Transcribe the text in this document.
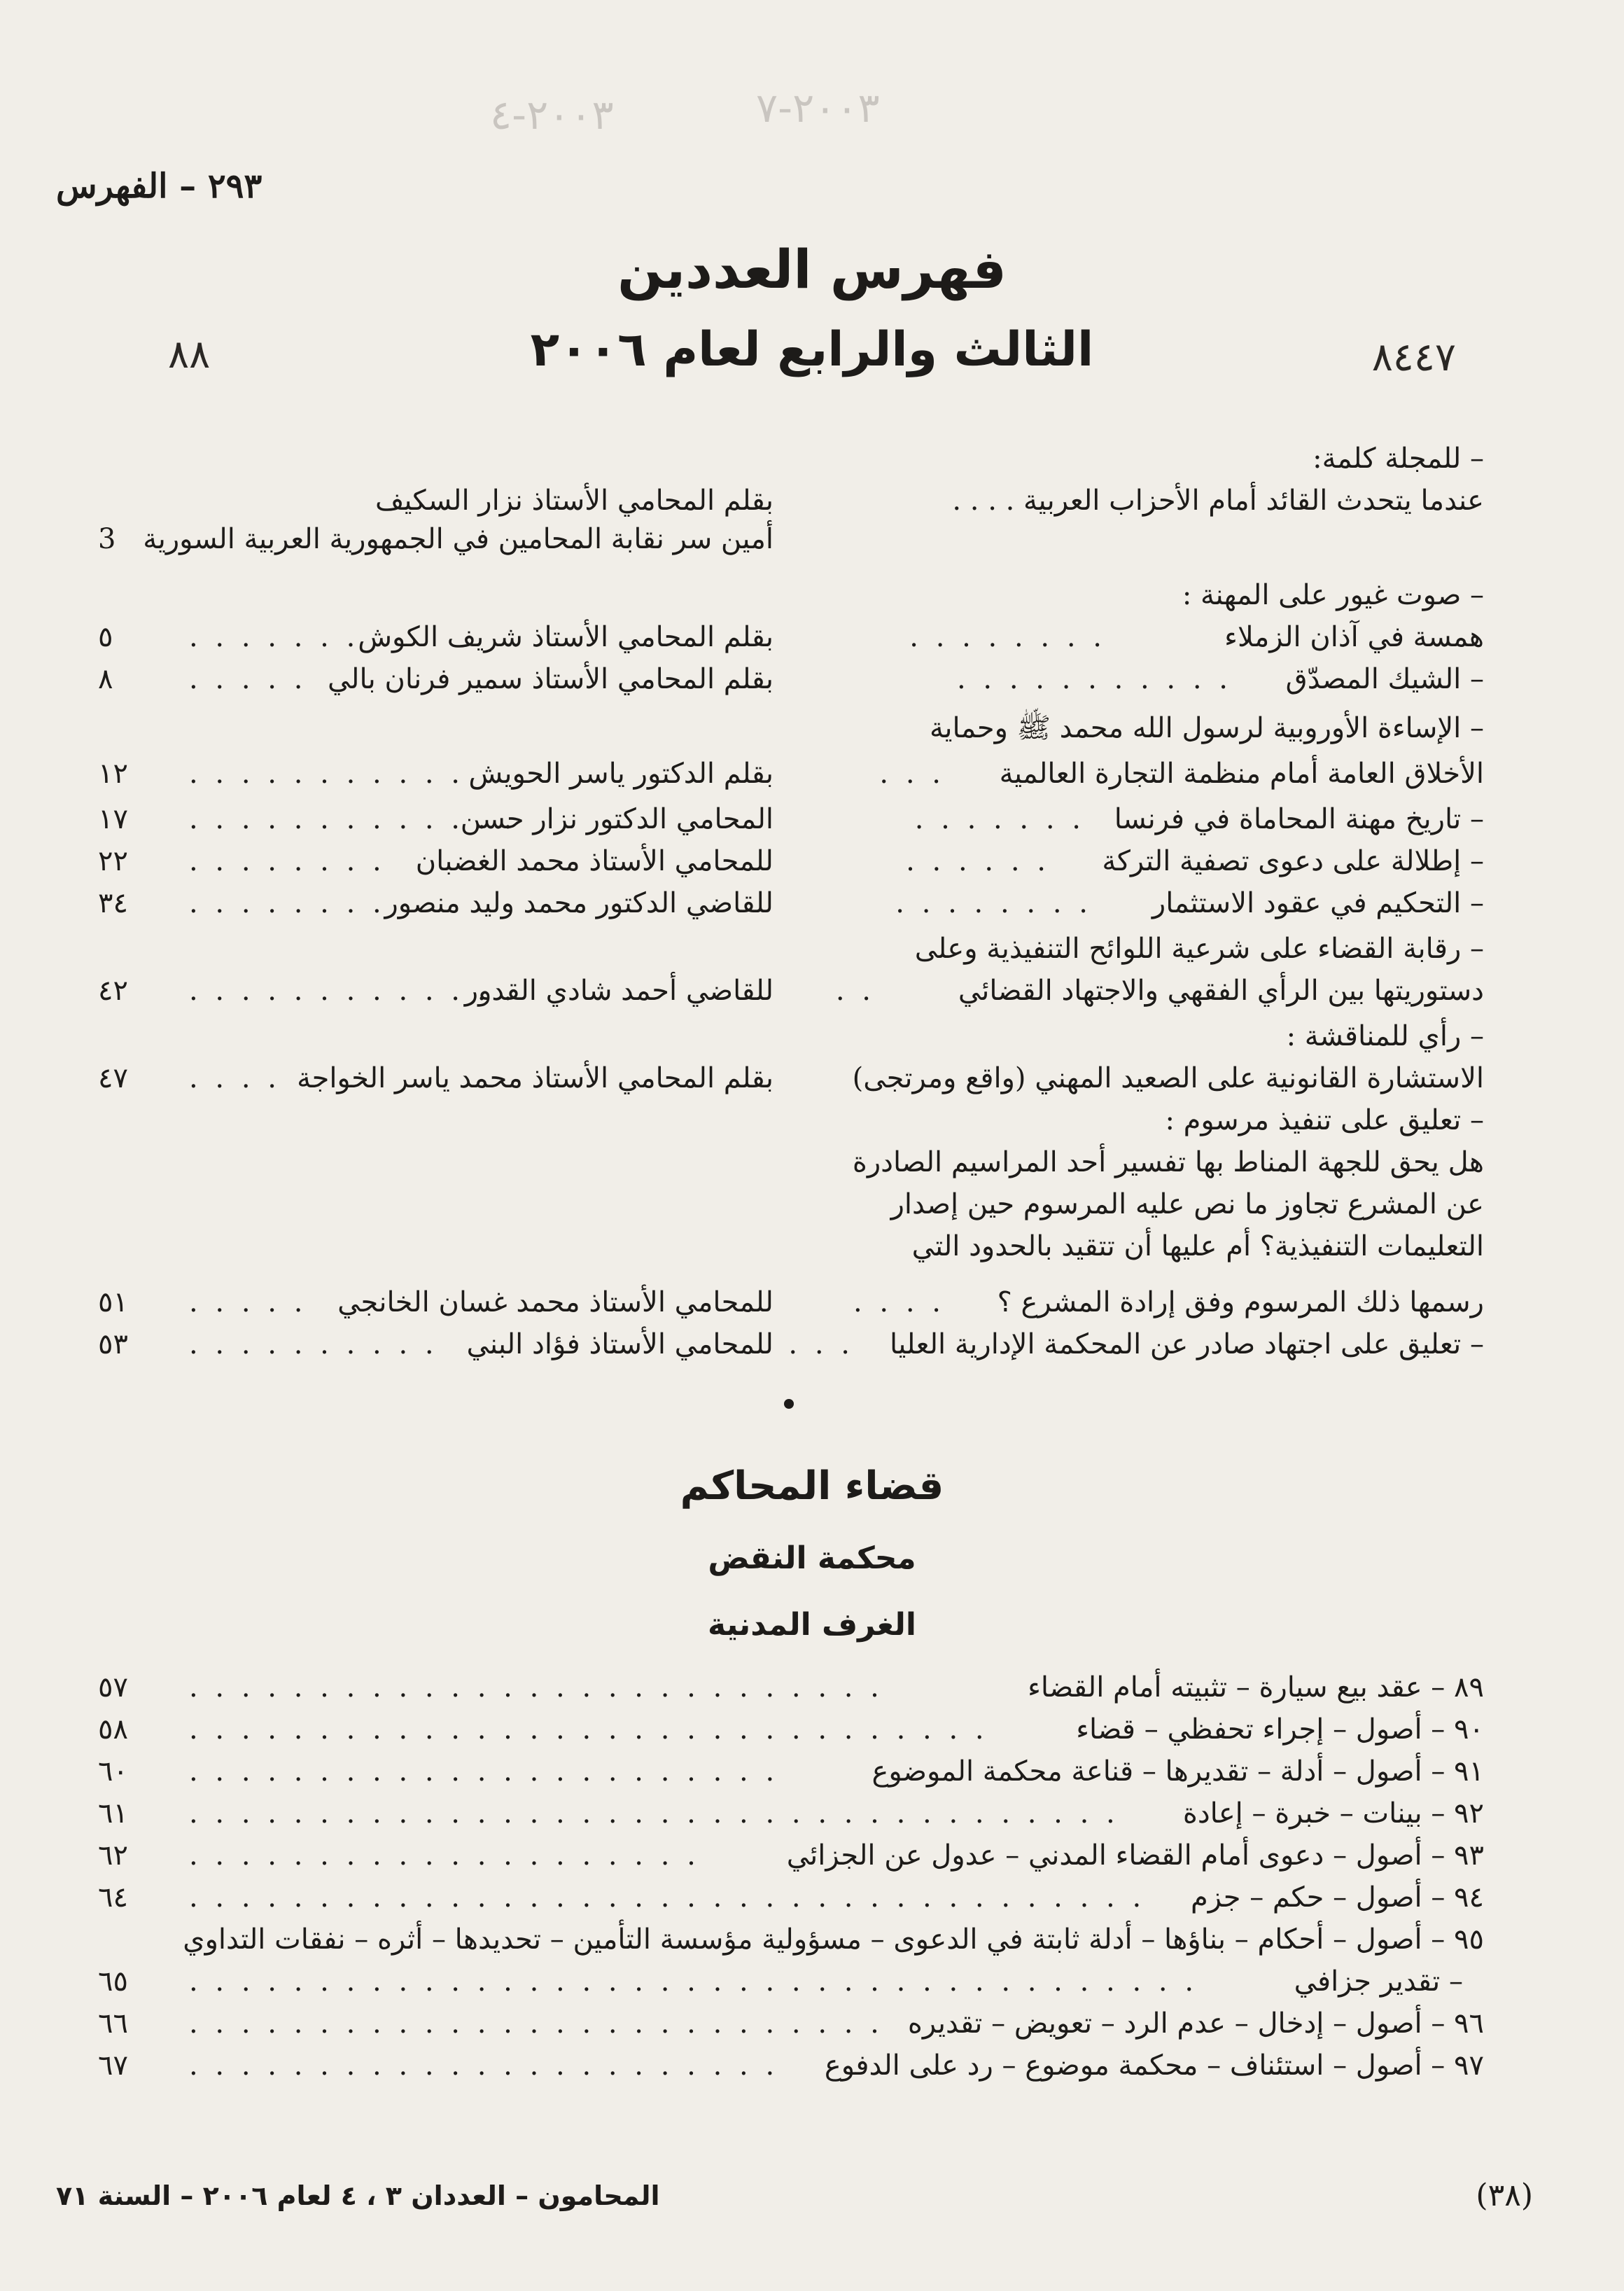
٢٠٠٣-٤	٢٠٠٣-٧
٢٩٣ – الفهرس
فهرس العددين
الثالث والرابع لعام ٢٠٠٦	٨٤٤٧
٨٨
– للمجلة كلمة:
عندما يتحدث القائد أمام الأحزاب العربية . . . .
بقلم المحامي الأستاذ نزار السكيف
أمين سر نقابة المحامين في الجمهورية العربية السورية
3
– صوت غيور على المهنة :
همسة في آذان الزملاء
. . . . . . . .
بقلم المحامي الأستاذ شريف الكوش
. . . . . . .
٥
– الشيك المصدّق
. . . . . . . . . . .
بقلم المحامي الأستاذ سمير فرنان بالي
. . . . .
٨
– الإساءة الأوروبية لرسول الله محمد ﷺ وحماية
الأخلاق العامة أمام منظمة التجارة العالمية
. . .
بقلم الدكتور ياسر الحويش
. . . . . . . . . . .
١٢
– تاريخ مهنة المحاماة في فرنسا
. . . . . . .
المحامي الدكتور نزار حسن
. . . . . . . . . . . . .
١٧
– إطلالة على دعوى تصفية التركة
. . . . . .
للمحامي الأستاذ محمد الغضبان
. . . . . . . .
٢٢
– التحكيم في عقود الاستثمار
. . . . . . . .
للقاضي الدكتور محمد وليد منصور
. . . . . . . .
٣٤
– رقابة القضاء على شرعية اللوائح التنفيذية وعلى
دستوريتها بين الرأي الفقهي والاجتهاد القضائي
. .
للقاضي أحمد شادي القدور
. . . . . . . . . . . . .
٤٢
– رأي للمناقشة :
الاستشارة القانونية على الصعيد المهني (واقع ومرتجى)
بقلم المحامي الأستاذ محمد ياسر الخواجة
. . . .
٤٧
– تعليق على تنفيذ مرسوم :
هل يحق للجهة المناط بها تفسير أحد المراسيم الصادرة
عن المشرع تجاوز ما نص عليه المرسوم حين إصدار
التعليمات التنفيذية؟ أم عليها أن تتقيد بالحدود التي
رسمها ذلك المرسوم وفق إرادة المشرع ؟
. . . .
للمحامي الأستاذ محمد غسان الخانجي
. . . . .
٥١
– تعليق على اجتهاد صادر عن المحكمة الإدارية العليا
. . .
للمحامي الأستاذ فؤاد البني
. . . . . . . . . .
٥٣
قضاء المحاكم
محكمة النقض
الغرف المدنية
٨٩ – عقد بيع سيارة – تثبيته أمام القضاء
. . . . . . . . . . . . . . . . . . . . . . . . . . .
٥٧
٩٠ – أصول – إجراء تحفظي – قضاء
. . . . . . . . . . . . . . . . . . . . . . . . . . . . . . .
٥٨
٩١ – أصول – أدلة – تقديرها – قناعة محكمة الموضوع
. . . . . . . . . . . . . . . . . . . . . . .
٦٠
٩٢ – بينات – خبرة – إعادة
. . . . . . . . . . . . . . . . . . . . . . . . . . . . . . . . . . . .
٦١
٩٣ – أصول – دعوى أمام القضاء المدني – عدول عن الجزائي
. . . . . . . . . . . . . . . . . . . .
٦٢
٩٤ – أصول – حكم – جزم
. . . . . . . . . . . . . . . . . . . . . . . . . . . . . . . . . . . . .
٦٤
٩٥ – أصول – أحكام – بناؤها – أدلة ثابتة في الدعوى – مسؤولية مؤسسة التأمين – تحديدها – أثره – نفقات التداوي
– تقدير جزافي
. . . . . . . . . . . . . . . . . . . . . . . . . . . . . . . . . . . . . . .
٦٥
٩٦ – أصول – إدخال – عدم الرد – تعويض – تقديره
. . . . . . . . . . . . . . . . . . . . . . . . . . .
٦٦
٩٧ – أصول – استئناف – محكمة موضوع – رد على الدفوع
. . . . . . . . . . . . . . . . . . . . . . .
٦٧
(٣٨)
المحامون – العددان ٣ ، ٤ لعام ٢٠٠٦ – السنة ٧١
